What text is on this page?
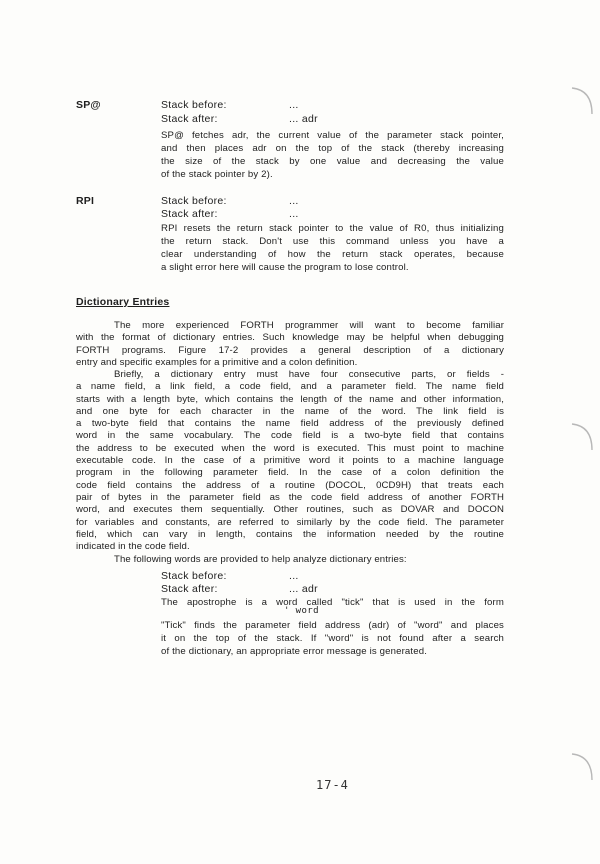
SP@	Stack before:	...
Stack after:	... adr
SP@ fetches adr, the current value of the parameter stack pointer,
and then places adr on the top of the stack (thereby increasing
the size of the stack by one value and decreasing the value
of the stack pointer by 2).
RPI	Stack before:	...
Stack after:	...
RPI resets the return stack pointer to the value of R0, thus initializing
the return stack. Don't use this command unless you have a
clear understanding of how the return stack operates, because
a slight error here will cause the program to lose control.
Dictionary Entries
The more experienced FORTH programmer will want to become familiar
with the format of dictionary entries. Such knowledge may be helpful when debugging
FORTH programs. Figure 17-2 provides a general description of a dictionary
entry and specific examples for a primitive and a colon definition.
Briefly, a dictionary entry must have four consecutive parts, or fields -
a name field, a link field, a code field, and a parameter field. The name field
starts with a length byte, which contains the length of the name and other information,
and one byte for each character in the name of the word. The link field is
a two-byte field that contains the name field address of the previously defined
word in the same vocabulary. The code field is a two-byte field that contains
the address to be executed when the word is executed. This must point to machine
executable code. In the case of a primitive word it points to a machine language
program in the following parameter field. In the case of a colon definition the
code field contains the address of a routine (DOCOL, 0CD9H) that treats each
pair of bytes in the parameter field as the code field address of another FORTH
word, and executes them sequentially. Other routines, such as DOVAR and DOCON
for variables and constants, are referred to similarly by the code field. The parameter
field, which can vary in length, contains the information needed by the routine
indicated in the code field.
The following words are provided to help analyze dictionary entries:
Stack before:	...
Stack after:	... adr
The apostrophe is a word called "tick" that is used in the form
' word
"Tick" finds the parameter field address (adr) of "word" and places
it on the top of the stack. If "word" is not found after a search
of the dictionary, an appropriate error message is generated.
17-4
